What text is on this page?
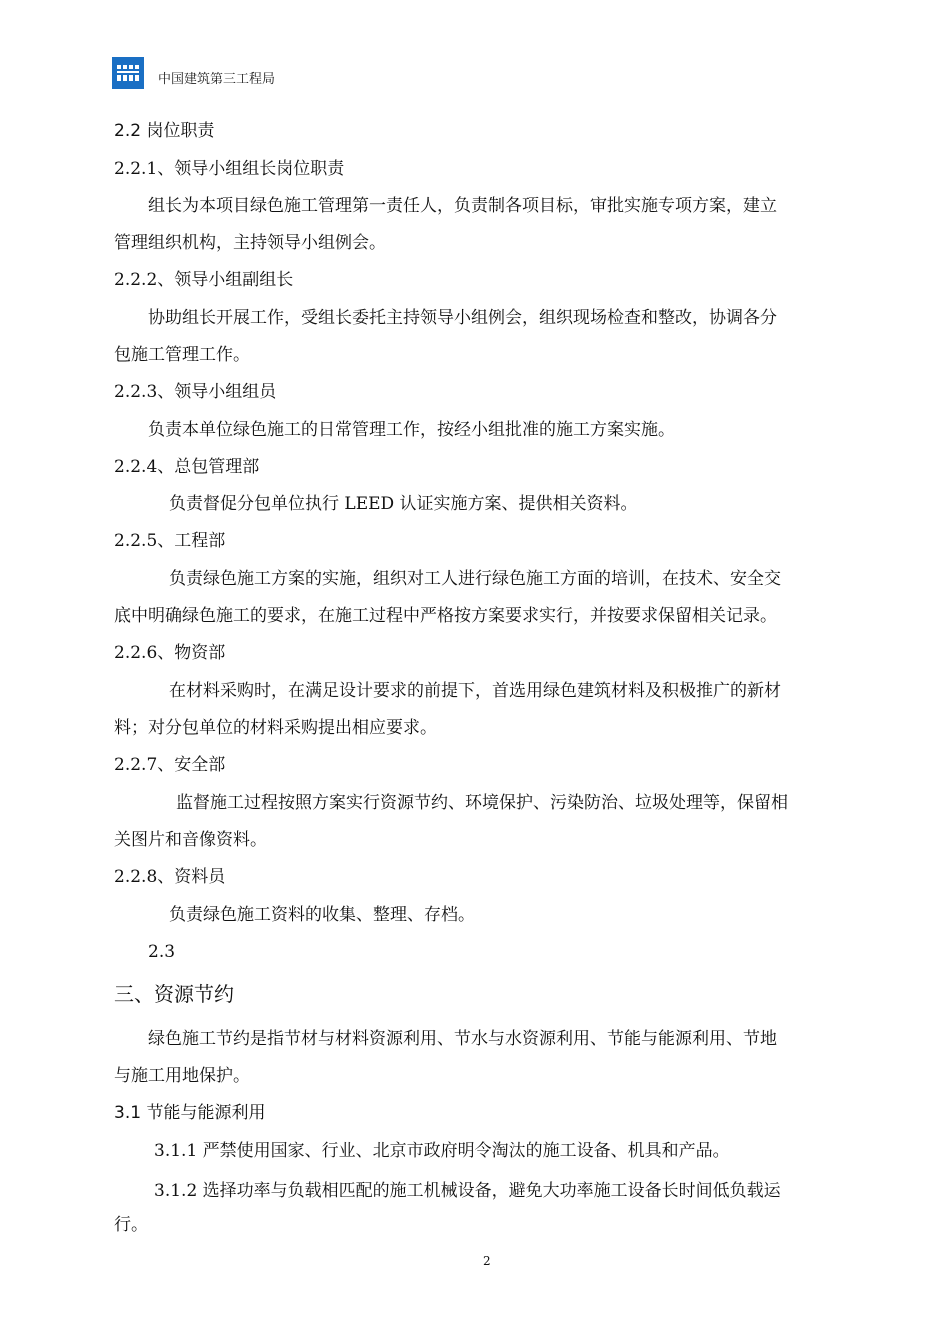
中国建筑第三工程局
2.2 岗位职责
2.2.1、领导小组组长岗位职责
组长为本项目绿色施工管理第一责任人，负责制各项目标，审批实施专项方案，建立
管理组织机构，主持领导小组例会。
2.2.2、领导小组副组长
协助组长开展工作，受组长委托主持领导小组例会，组织现场检查和整改，协调各分
包施工管理工作。
2.2.3、领导小组组员
负责本单位绿色施工的日常管理工作，按经小组批准的施工方案实施。
2.2.4、总包管理部
负责督促分包单位执行 LEED 认证实施方案、提供相关资料。
2.2.5、工程部
负责绿色施工方案的实施，组织对工人进行绿色施工方面的培训，在技术、安全交
底中明确绿色施工的要求，在施工过程中严格按方案要求实行，并按要求保留相关记录。
2.2.6、物资部
在材料采购时，在满足设计要求的前提下，首选用绿色建筑材料及积极推广的新材
料；对分包单位的材料采购提出相应要求。
2.2.7、安全部
监督施工过程按照方案实行资源节约、环境保护、污染防治、垃圾处理等，保留相
关图片和音像资料。
2.2.8、资料员
负责绿色施工资料的收集、整理、存档。
2.3
三、资源节约
绿色施工节约是指节材与材料资源利用、节水与水资源利用、节能与能源利用、节地
与施工用地保护。
3.1 节能与能源利用
3.1.1 严禁使用国家、行业、北京市政府明令淘汰的施工设备、机具和产品。
3.1.2 选择功率与负载相匹配的施工机械设备，避免大功率施工设备长时间低负载运
行。
2
